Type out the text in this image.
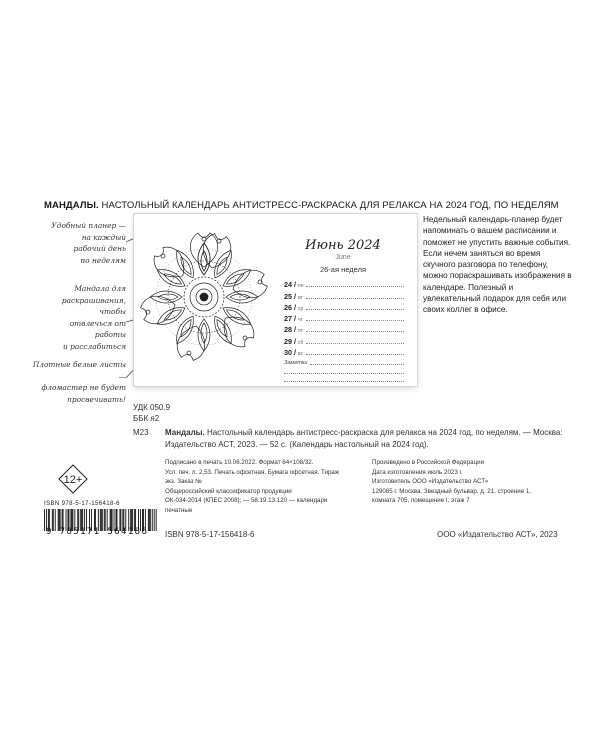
МАНДАЛЫ. НАСТОЛЬНЫЙ КАЛЕНДАРЬ АНТИСТРЕСС-РАСКРАСКА ДЛЯ РЕЛАКСА НА 2024 ГОД, ПО НЕДЕЛЯМ
Удобный планер —
на каждый
рабочий день
по неделям
Мандала для
раскрашивания, чтобы
отвлечься от работы
и расслабиться
Плотные белые листы —
фломастер не будет
просвечивать!
Июнь 2024
June
26-ая неделя
24 / пн
25 / вт
26 / ср
27 / чт
28 / пт
29 / сб
30 / вс
Заметки
Недельный календарь-планер будет напоминать о вашем расписании и поможет не упустить важные события. Если нечем заняться во время скучного разговора по телефону, можно пораскрашивать изображения в календаре. Полезный и увлекательный подарок для себя или своих коллег в офисе.
УДК 050.9
ББК я2
М23 Мандалы. Настольный календарь антистресс-раскраска для релакса на 2024 год, по неделям. — Москва: Издательство АСТ, 2023. — 52 с. (Календарь настольный на 2024 год).
12+
Подписано в печать 10.06.2022. Формат 84×108/32.
Усл. печ. л. 2,53. Печать офсетная. Бумага офсетная. Тираж
экз. Заказ №
Общероссийский классификатор продукции
ОК-034-2014 (КПЕС 2008); — 58.19.13.120 — календари
печатные
Произведено в Российской Федерации
Дата изготовления июль 2023 г.
Изготовитель ООО «Издательство АСТ»
129085 г. Москва, Звездный бульвар, д. 21, строение 1,
комната 705, помещение I, этаж 7
ISBN 978-5-17-156418-6
9 785171 564186 ISBN 978-5-17-156418-6	ООО «Издательство АСТ», 2023
